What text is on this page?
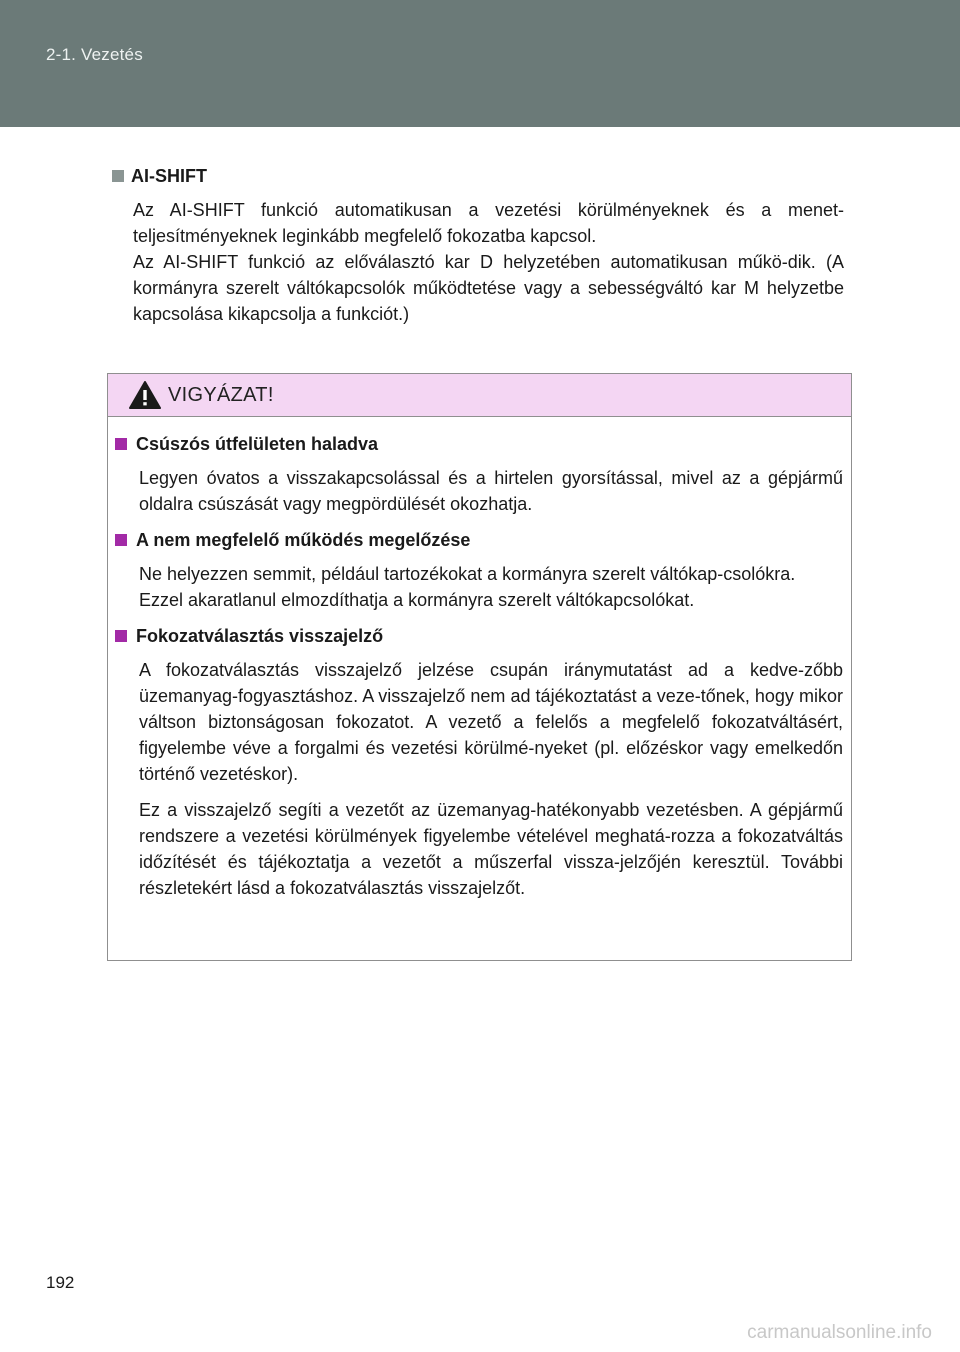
2-1. Vezetés
AI-SHIFT
Az AI-SHIFT funkció automatikusan a vezetési körülményeknek és a menet-teljesítményeknek leginkább megfelelő fokozatba kapcsol.
Az AI-SHIFT funkció az előválasztó kar D helyzetében automatikusan műkö-dik. (A kormányra szerelt váltókapcsolók működtetése vagy a sebességváltó kar M helyzetbe kapcsolása kikapcsolja a funkciót.)
VIGYÁZAT!
Csúszós útfelületen haladva
Legyen óvatos a visszakapcsolással és a hirtelen gyorsítással, mivel az a gépjármű oldalra csúszását vagy megpördülését okozhatja.
A nem megfelelő működés megelőzése
Ne helyezzen semmit, például tartozékokat a kormányra szerelt váltókap-csolókra.
Ezzel akaratlanul elmozdíthatja a kormányra szerelt váltókapcsolókat.
Fokozatválasztás visszajelző
A fokozatválasztás visszajelző jelzése csupán iránymutatást ad a kedve-zőbb üzemanyag-fogyasztáshoz. A visszajelző nem ad tájékoztatást a veze-tőnek, hogy mikor váltson biztonságosan fokozatot. A vezető a felelős a megfelelő fokozatváltásért, figyelembe véve a forgalmi és vezetési körülmé-nyeket (pl. előzéskor vagy emelkedőn történő vezetéskor).
Ez a visszajelző segíti a vezetőt az üzemanyag-hatékonyabb vezetésben. A gépjármű rendszere a vezetési körülmények figyelembe vételével meghatá-rozza a fokozatváltás időzítését és tájékoztatja a vezetőt a műszerfal vissza-jelzőjén keresztül. További részletekért lásd a fokozatválasztás visszajelzőt.
192
carmanualsonline.info
